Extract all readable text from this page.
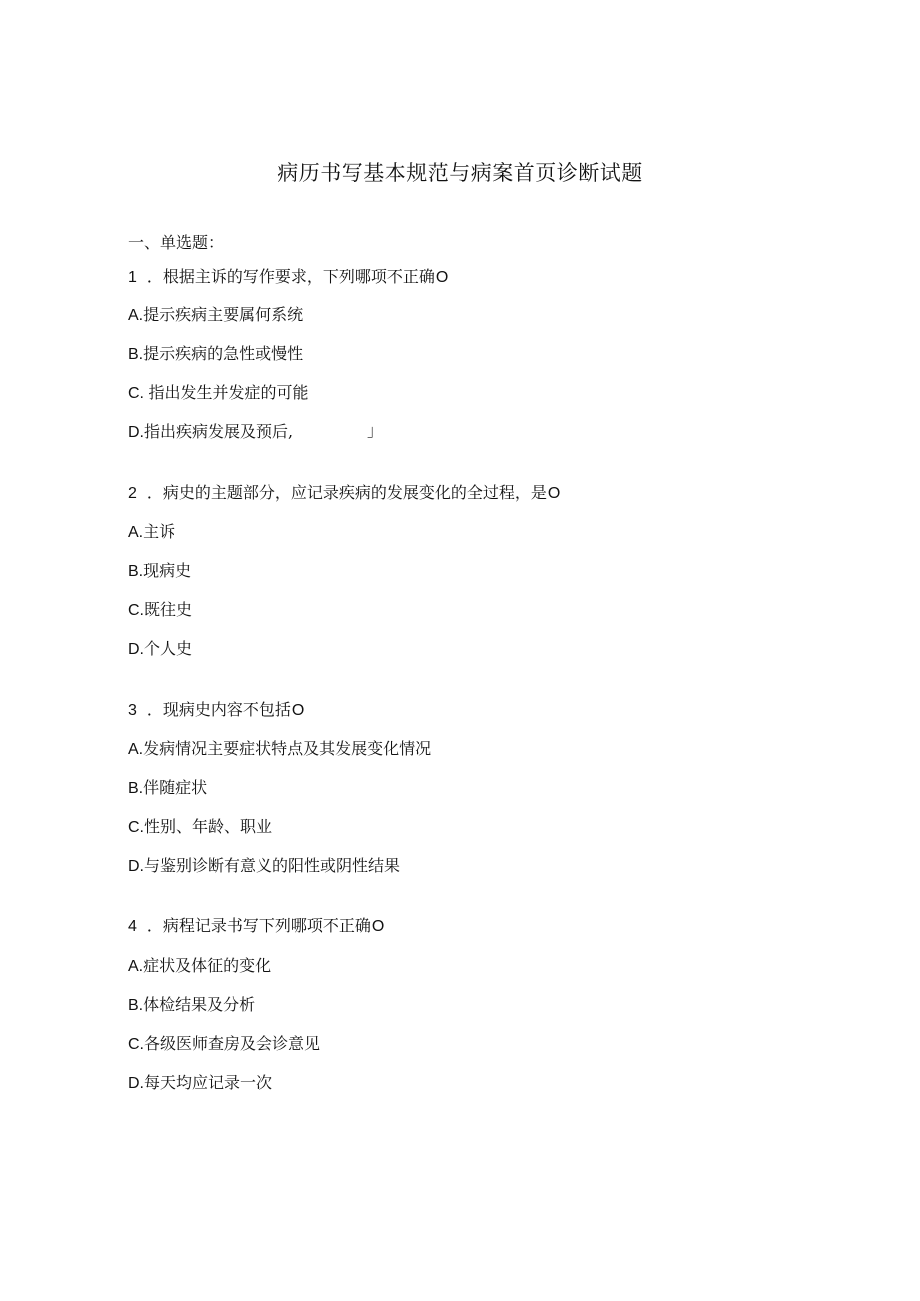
病历书写基本规范与病案首页诊断试题
一、单选题：
1 ．根据主诉的写作要求，下列哪项不正确O
A.提示疾病主要属何系统
B.提示疾病的急性或慢性
C. 指出发生并发症的可能
D.指出疾病发展及预后,	」
2 ．病史的主题部分，应记录疾病的发展变化的全过程，是O
A.主诉
B.现病史
C.既往史
D.个人史
3 ．现病史内容不包括O
A.发病情况主要症状特点及其发展变化情况
B.伴随症状
C.性别、年龄、职业
D.与鉴别诊断有意义的阳性或阴性结果
4 ．病程记录书写下列哪项不正确O
A.症状及体征的变化
B.体检结果及分析
C.各级医师查房及会诊意见
D.每天均应记录一次
